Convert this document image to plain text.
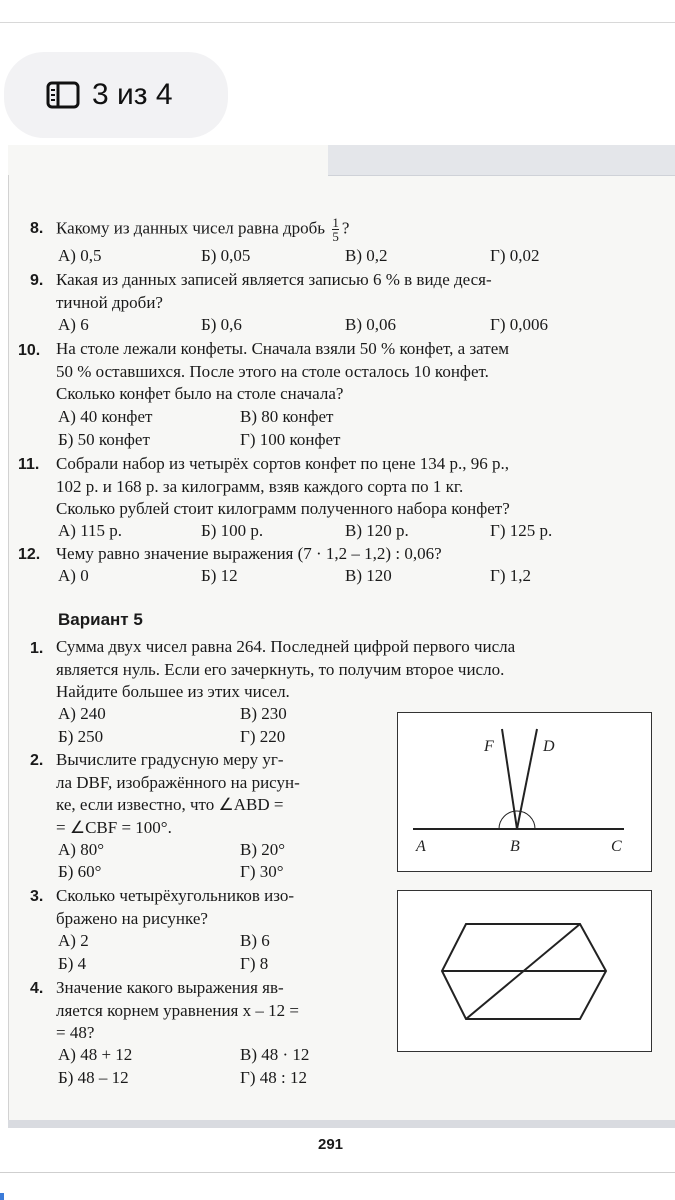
3 из 4
8. Какому из данных чисел равна дробь $\frac{1}{5}$ ?
А) 0,5	Б) 0,05	В) 0,2	Г) 0,02
9. Какая из данных записей является записью 6 % в виде деся-
тичной дроби?
А) 6	Б) 0,6	В) 0,06	Г) 0,006
10. На столе лежали конфеты. Сначала взяли 50 % конфет, а затем
50 % оставшихся. После этого на столе осталось 10 конфет.
Сколько конфет было на столе сначала?
А) 40 конфет	В) 80 конфет
Б) 50 конфет	Г) 100 конфет
11. Собрали набор из четырёх сортов конфет по цене 134 р., 96 р.,
102 р. и 168 р. за килограмм, взяв каждого сорта по 1 кг.
Сколько рублей стоит килограмм полученного набора конфет?
А) 115 р.	Б) 100 р.	В) 120 р.	Г) 125 р.
12. Чему равно значение выражения (7 · 1,2 – 1,2) : 0,06?
А) 0	Б) 12	В) 120	Г) 1,2
Вариант 5
1. Сумма двух чисел равна 264. Последней цифрой первого числа
является нуль. Если его зачеркнуть, то получим второе число.
Найдите большее из этих чисел.
А) 240	В) 230
Б) 250	Г) 220
2. Вычислите градусную меру уг-
ла DBF, изображённого на рисун-
ке, если известно, что ∠ABD =
= ∠CBF = 100°.
А) 80°	В) 20°
Б) 60°	Г) 30°
3. Сколько четырёхугольников изо-
бражено на рисунке?
А) 2	В) 6
Б) 4	Г) 8
4. Значение какого выражения яв-
ляется корнем уравнения x – 12 =
= 48?
А) 48 + 12	В) 48 · 12
Б) 48 – 12	Г) 48 : 12
F	D
A	B	C
291
